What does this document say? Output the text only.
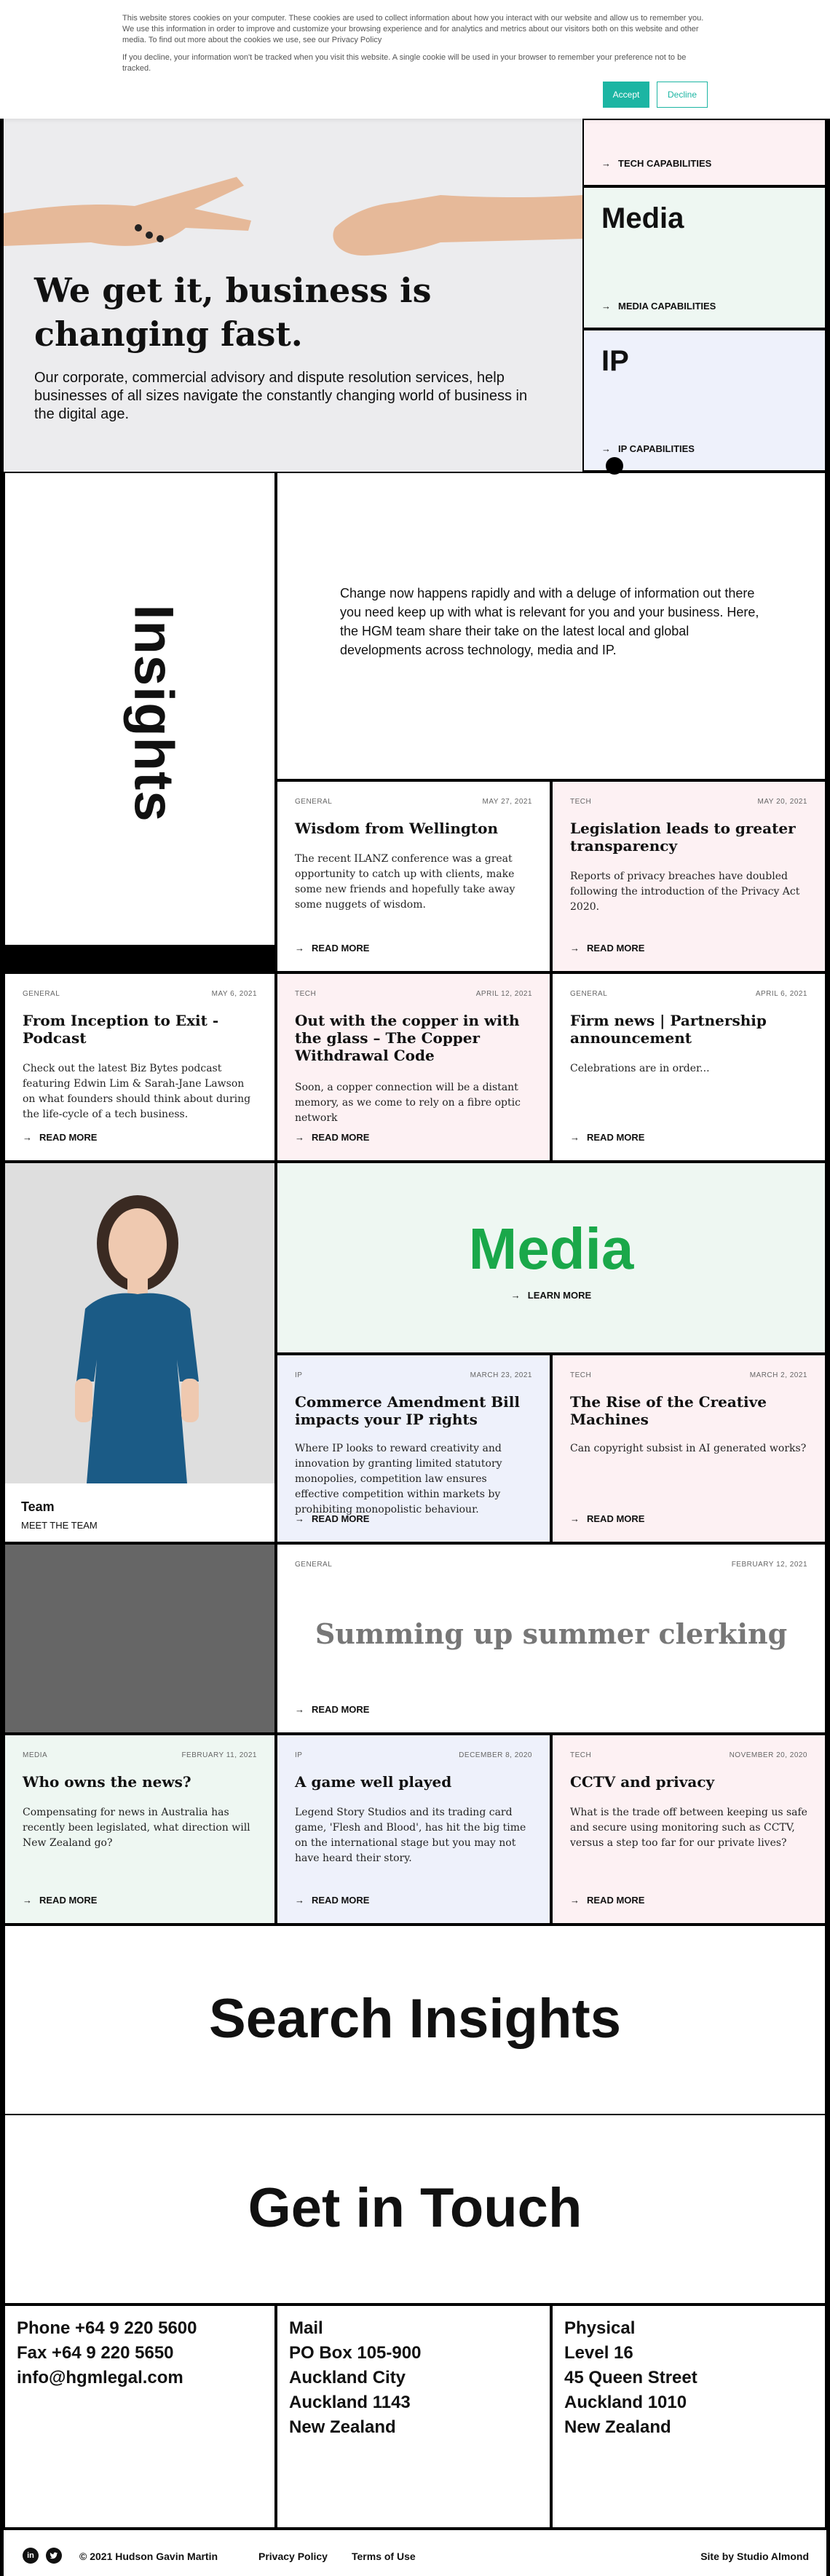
This website stores cookies on your computer. These cookies are used to collect information about how you interact with our website and allow us to remember you. We use this information in order to improve and customize your browsing experience and for analytics and metrics about our visitors both on this website and other media. To find out more about the cookies we use, see our Privacy Policy

If you decline, your information won't be tracked when you visit this website. A single cookie will be used in your browser to remember your preference not to be tracked.

Accept	Decline
We get it, business is
changing fast.

Our corporate, commercial advisory and dispute resolution services, help businesses of all sizes navigate the constantly changing world of business in the digital age.

→ TECH CAPABILITIES
Media
→ MEDIA CAPABILITIES
IP
→ IP CAPABILITIES
Insights

Change now happens rapidly and with a deluge of information out there you need keep up with what is relevant for you and your business. Here, the HGM team share their take on the latest local and global developments across technology, media and IP.

GENERAL	MAY 27, 2021
Wisdom from Wellington

The recent ILANZ conference was a great opportunity to catch up with clients, make some new friends and hopefully take away some nuggets of wisdom.

→ READ MORE
TECH	MAY 20, 2021
Legislation leads to greater transparency

Reports of privacy breaches have doubled following the introduction of the Privacy Act 2020.

→ READ MORE
GENERAL	MAY 6, 2021
From Inception to Exit - Podcast

Check out the latest Biz Bytes podcast featuring Edwin Lim & Sarah-Jane Lawson on what founders should think about during the life-cycle of a tech business.

→ READ MORE
TECH	APRIL 12, 2021
Out with the copper in with the glass – The Copper Withdrawal Code

Soon, a copper connection will be a distant memory, as we come to rely on a fibre optic network

→ READ MORE
GENERAL	APRIL 6, 2021
Firm news | Partnership announcement

Celebrations are in order...

→ READ MORE
Team
MEET THE TEAM
Media
→ LEARN MORE
IP	MARCH 23, 2021
Commerce Amendment Bill impacts your IP rights

Where IP looks to reward creativity and innovation by granting limited statutory monopolies, competition law ensures effective competition within markets by prohibiting monopolistic behaviour.

→ READ MORE
TECH	MARCH 2, 2021
The Rise of the Creative Machines

Can copyright subsist in AI generated works?

→ READ MORE
GENERAL	FEBRUARY 12, 2021
Summing up summer clerking
→ READ MORE
MEDIA	FEBRUARY 11, 2021
Who owns the news?

Compensating for news in Australia has recently been legislated, what direction will New Zealand go?

→ READ MORE
IP	DECEMBER 8, 2020
A game well played

Legend Story Studios and its trading card game, 'Flesh and Blood', has hit the big time on the international stage but you may not have heard their story.

→ READ MORE
TECH	NOVEMBER 20, 2020
CCTV and privacy

What is the trade off between keeping us safe and secure using monitoring such as CCTV, versus a step too far for our private lives?

→ READ MORE
Search Insights
Get in Touch
Phone +64 9 220 5600
Fax +64 9 220 5650
info@hgmlegal.com
Mail
PO Box 105-900
Auckland City
Auckland 1143
New Zealand
Physical
Level 16
45 Queen Street
Auckland 1010
New Zealand
in	© 2021 Hudson Gavin Martin	Privacy Policy Terms of Use	Site by Studio Almond
